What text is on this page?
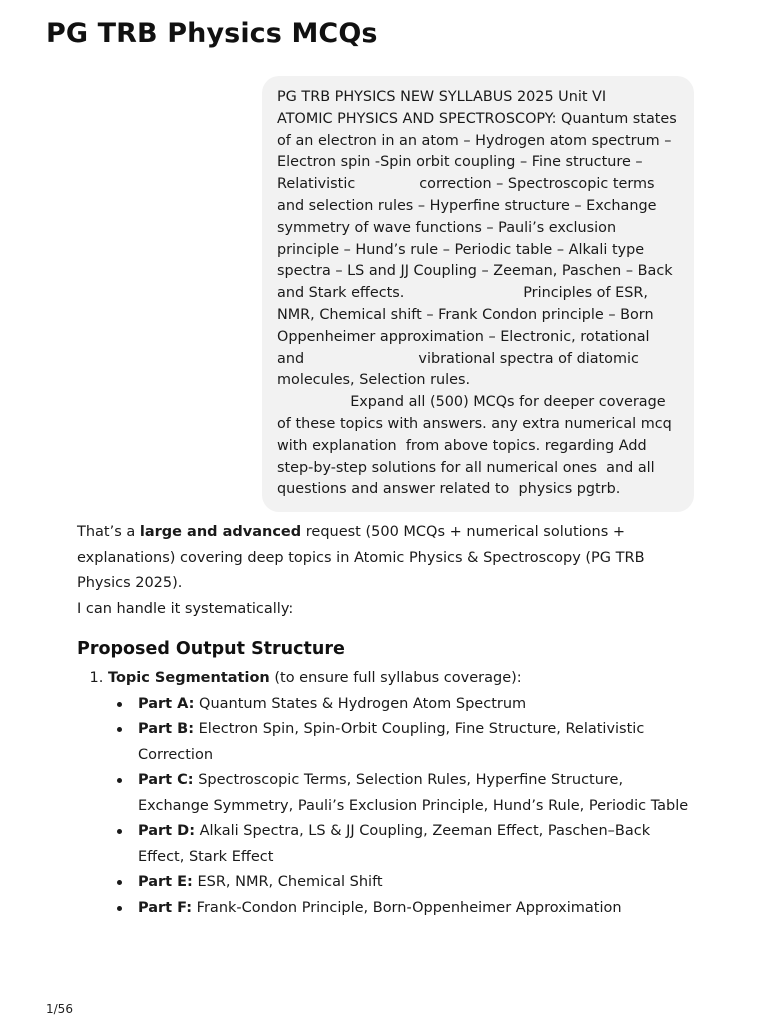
PG TRB Physics MCQs
PG TRB PHYSICS NEW SYLLABUS 2025 Unit VI    ATOMIC PHYSICS AND SPECTROSCOPY: Quantum states of an electron in an atom – Hydrogen atom spectrum – Electron spin -Spin orbit coupling – Fine structure – Relativistic              correction – Spectroscopic terms and selection rules – Hyperfine structure – Exchange symmetry of wave functions – Pauli’s exclusion principle – Hund’s rule – Periodic table – Alkali type spectra – LS and JJ Coupling – Zeeman, Paschen – Back and Stark effects.                          Principles of ESR, NMR, Chemical shift – Frank Condon principle – Born Oppenheimer approximation – Electronic, rotational and                         vibrational spectra of diatomic molecules, Selection rules.
Expand all (500) MCQs for deeper coverage of these topics with answers. any extra numerical mcq with explanation  from above topics. regarding Add step-by-step solutions for all numerical ones  and all questions and answer related to  physics pgtrb.

That’s a large and advanced request (500 MCQs + numerical solutions + explanations) covering deep topics in Atomic Physics & Spectroscopy (PG TRB Physics 2025).

I can handle it systematically:

Proposed Output Structure
1. Topic Segmentation (to ensure full syllabus coverage):
Part A: Quantum States & Hydrogen Atom Spectrum
Part B: Electron Spin, Spin-Orbit Coupling, Fine Structure, Relativistic Correction
Part C: Spectroscopic Terms, Selection Rules, Hyperfine Structure, Exchange Symmetry, Pauli’s Exclusion Principle, Hund’s Rule, Periodic Table
Part D: Alkali Spectra, LS & JJ Coupling, Zeeman Effect, Paschen–Back Effect, Stark Effect
Part E: ESR, NMR, Chemical Shift
Part F: Frank-Condon Principle, Born-Oppenheimer Approximation
1/56
